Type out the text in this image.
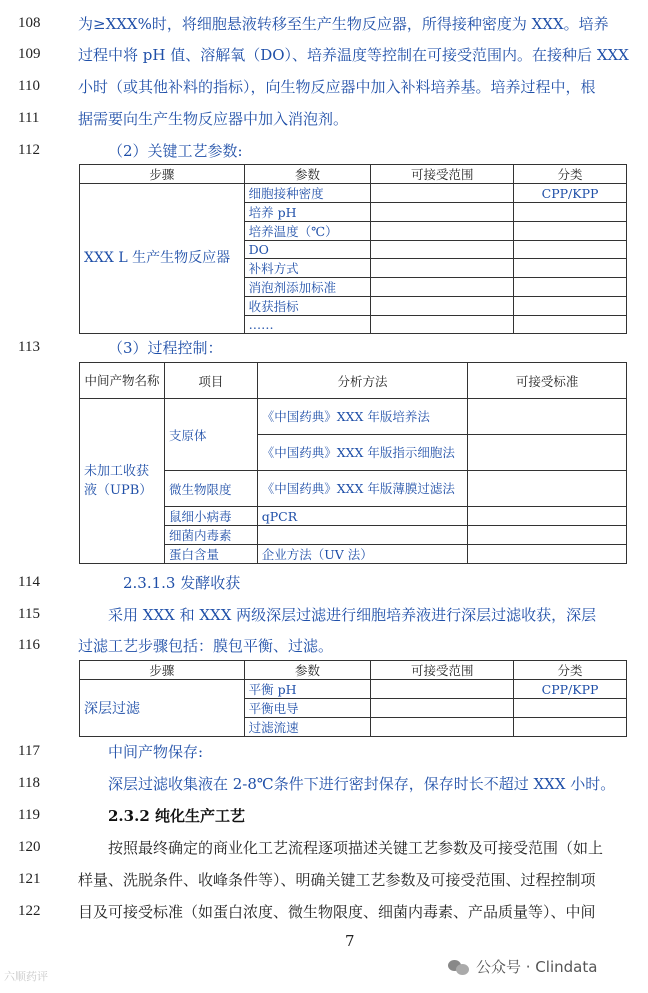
108	为≥XXX%时，将细胞悬液转移至生产生物反应器，所得接种密度为 XXX。培养
109	过程中将 pH 值、溶解氧（DO）、培养温度等控制在可接受范围内。在接种后 XXX
110	小时（或其他补料的指标），向生物反应器中加入补料培养基。培养过程中，根
111	据需要向生产生物反应器中加入消泡剂。
112	（2）关键工艺参数:
113	（3）过程控制：
114	2.3.1.3 发酵收获
115	采用 XXX 和 XXX 两级深层过滤进行细胞培养液进行深层过滤收获，深层
116	过滤工艺步骤包括：膜包平衡、过滤。
117	中间产物保存:
118	深层过滤收集液在 2-8℃条件下进行密封保存，保存时长不超过 XXX 小时。
119	2.3.2 纯化生产工艺
120	按照最终确定的商业化工艺流程逐项描述关键工艺参数及可接受范围（如上
121	样量、洗脱条件、收峰条件等）、明确关键工艺参数及可接受范围、过程控制项
122	目及可接受标准（如蛋白浓度、微生物限度、细菌内毒素、产品质量等）、中间
步骤	参数	可接受范围	分类
XXX L 生产生物反应器	细胞接种密度		CPP/KPP
	培养 pH		
	培养温度（℃）		
	DO		
	补料方式		
	消泡剂添加标准		
	收获指标		
	……		
中间产物名称	项目	分析方法	可接受标准
未加工收获液（UPB）	支原体	《中国药典》XXX 年版培养法	
		《中国药典》XXX 年版指示细胞法	
	微生物限度	《中国药典》XXX 年版薄膜过滤法	
	鼠细小病毒	qPCR	
	细菌内毒素		
	蛋白含量	企业方法（UV 法）	
步骤	参数	可接受范围	分类
深层过滤	平衡 pH		CPP/KPP
	平衡电导		
	过滤流速		
7
六顺药评
公众号 · Clindata
